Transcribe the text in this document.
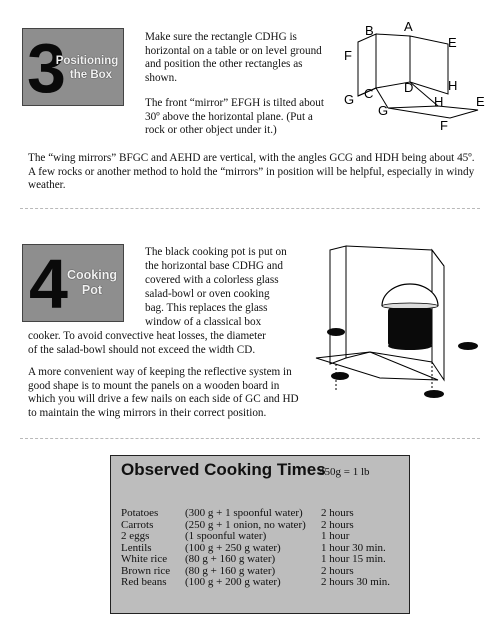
3
Positioning
the Box

Make sure the rectangle CDHG is horizontal on a table or on level ground and position the other rectangles as shown.

The front “mirror” EFGH is tilted about 30º above the horizontal plane. (Put a rock or other object under it.)

B A
E
F
H
D
G C
G
H	E
F

The “wing mirrors” BFGC and AEHD are vertical, with the angles GCG and HDH being about 45º. A few rocks or another method to hold the “mirrors” in position will be helpful, especially in windy weather.

4 Cooking
Pot
The black cooking pot is put on
the horizontal base CDHG and
covered with a colorless glass
salad-bowl or oven cooking
bag. This replaces the glass
window of a classical box
cooker. To avoid convective heat losses, the diameter
of the salad-bowl should not exceed the width CD.

A more convenient way of keeping the reflective system in good shape is to mount the panels on a wooden board in which you will drive a few nails on each side of GC and HD to maintain the wing mirrors in their correct position.

Observed Cooking Times
450g = 1 lb
Potatoes	(300 g + 1 spoonful water)	2 hours
Carrots	(250 g + 1 onion, no water)	2 hours
2 eggs	(1 spoonful water)	1 hour
Lentils	(100 g + 250 g water)	1 hour 30 min.
White rice	(80 g + 160 g water)	1 hour 15 min.
Brown rice	(80 g + 160 g water)	2 hours
Red beans	(100 g + 200 g water)	2 hours 30 min.
